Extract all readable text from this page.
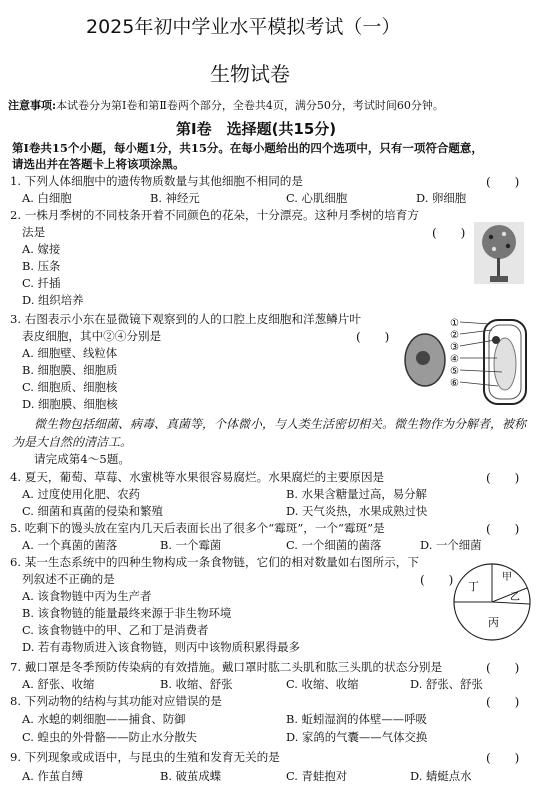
2025年初中学业水平模拟考试（一）
生物试卷
注意事项:本试卷分为第Ⅰ卷和第Ⅱ卷两个部分，全卷共4页，满分50分，考试时间60分钟。
第Ⅰ卷　选择题(共15分)
第Ⅰ卷共15个小题，每小题1分，共15分。在每小题给出的四个选项中，只有一项符合题意，
请选出并在答题卡上将该项涂黑。
1. 下列人体细胞中的遗传物质数量与其他细胞不相同的是	(　　)
A. 白细胞	B. 神经元	C. 心肌细胞	D. 卵细胞
2. 一株月季树的不同枝条开着不同颜色的花朵，十分漂亮。这种月季树的培育方
法是	(　　)
A. 嫁接
B. 压条
C. 扦插
D. 组织培养
3. 右图表示小东在显微镜下观察到的人的口腔上皮细胞和洋葱鳞片叶
表皮细胞，其中②④分别是	(　　)
A. 细胞壁、线粒体
B. 细胞膜、细胞质
C. 细胞质、细胞核
D. 细胞膜、细胞核
①
②
③
④
⑤
⑥
微生物包括细菌、病毒、真菌等，个体微小，与人类生活密切相关。微生物作为分解者，被称
为是大自然的清洁工。
请完成第4～5题。
4. 夏天，葡萄、草莓、水蜜桃等水果很容易腐烂。水果腐烂的主要原因是	(　　)
A. 过度使用化肥、农药	B. 水果含糖量过高，易分解
C. 细菌和真菌的侵染和繁殖	D. 天气炎热，水果成熟过快
5. 吃剩下的馒头放在室内几天后表面长出了很多个“霉斑”，一个“霉斑”是	(　　)
A. 一个真菌的菌落	B. 一个霉菌	C. 一个细菌的菌落	D. 一个细菌
6. 某一生态系统中的四种生物构成一条食物链，它们的相对数量如右图所示，下
列叙述不正确的是	(　　)
A. 该食物链中丙为生产者
B. 该食物链的能量最终来源于非生物环境
C. 该食物链中的甲、乙和丁是消费者
D. 若有毒物质进入该食物链，则丙中该物质积累得最多
丁
甲
乙
丙
7. 戴口罩是冬季预防传染病的有效措施。戴口罩时肱二头肌和肱三头肌的状态分别是	(　　)
A. 舒张、收缩	B. 收缩、舒张	C. 收缩、收缩	D. 舒张、舒张
8. 下列动物的结构与其功能对应错误的是	(　　)
A. 水螅的刺细胞——捕食、防御	B. 蚯蚓湿润的体壁——呼吸
C. 蝗虫的外骨骼——防止水分散失	D. 家鸽的气囊——气体交换
9. 下列现象或成语中，与昆虫的生殖和发育无关的是	(　　)
A. 作茧自缚	B. 破茧成蝶	C. 青蛙抱对	D. 蜻蜓点水
